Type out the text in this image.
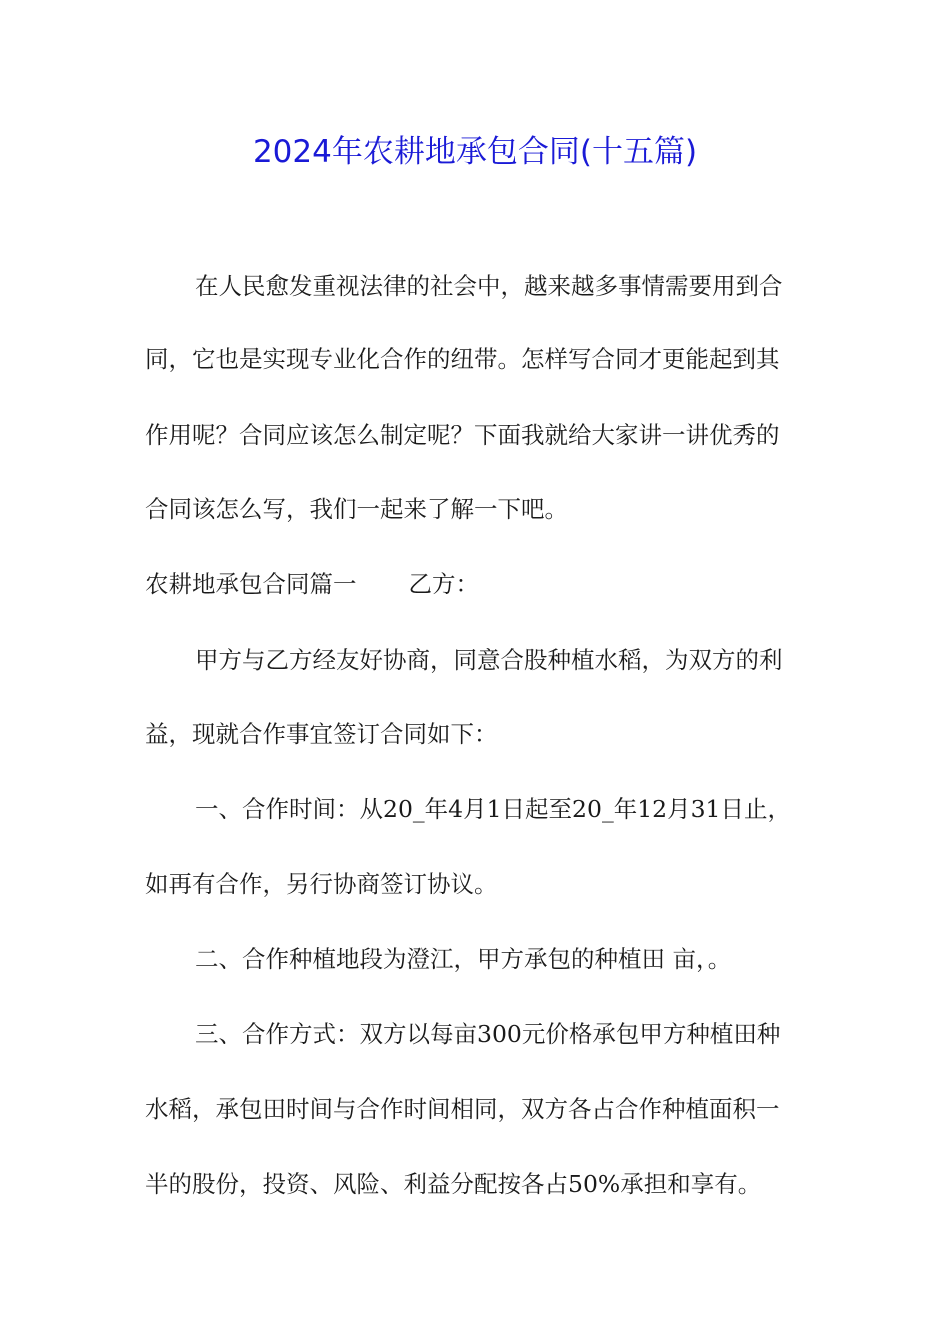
2024年农耕地承包合同(十五篇)
在人民愈发重视法律的社会中，越来越多事情需要用到合
同，它也是实现专业化合作的纽带。怎样写合同才更能起到其
作用呢？合同应该怎么制定呢？下面我就给大家讲一讲优秀的
合同该怎么写，我们一起来了解一下吧。
农耕地承包合同篇一 乙方：
甲方与乙方经友好协商，同意合股种植水稻，为双方的利
益，现就合作事宜签订合同如下：
一、合作时间：从20_年4月1日起至20_年12月31日止，
如再有合作，另行协商签订协议。
二、合作种植地段为澄江，甲方承包的种植田 亩，。
三、合作方式：双方以每亩300元价格承包甲方种植田种
水稻，承包田时间与合作时间相同，双方各占合作种植面积一
半的股份，投资、风险、利益分配按各占50%承担和享有。
